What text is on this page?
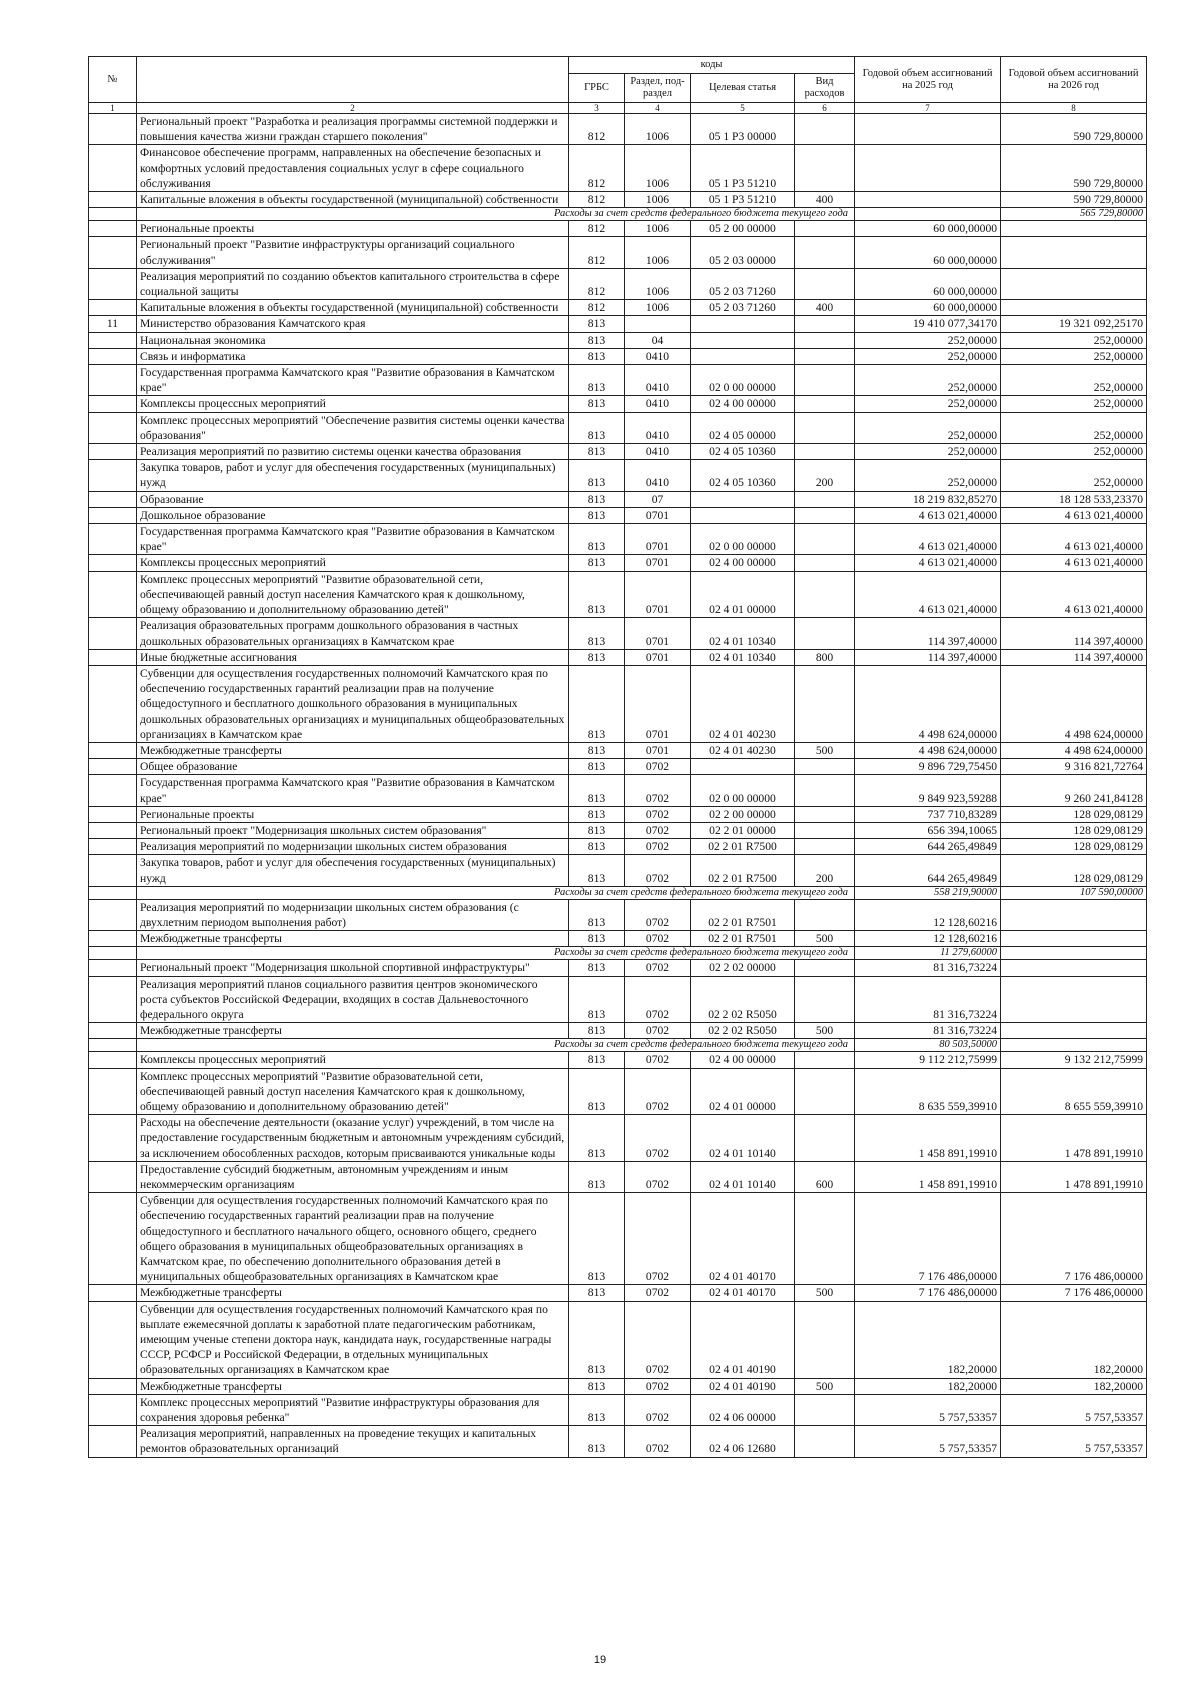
№		коды				Годовой объем ассигнований на 2025 год	Годовой объем ассигнований на 2026 год
		ГРБС	Раздел, под-раздел	Целевая статья	Вид расходов		
1	2	3	4	5	6	7	8
	Региональный проект "Разработка и реализация программы системной поддержки и повышения качества жизни граждан старшего поколения"	812	1006	05 1 P3 00000			590 729,80000
	Финансовое обеспечение программ, направленных на обеспечение безопасных и комфортных условий предоставления социальных услуг в сфере социального обслуживания	812	1006	05 1 P3 51210			590 729,80000
	Капитальные вложения в объекты государственной (муниципальной) собственности	812	1006	05 1 P3 51210	400		590 729,80000
	Расходы за счет средств федерального бюджета текущего года						565 729,80000
	Региональные проекты	812	1006	05 2 00 00000		60 000,00000	
	Региональный проект "Развитие инфраструктуры организаций социального обслуживания"	812	1006	05 2 03 00000		60 000,00000	
	Реализация мероприятий по созданию объектов капитального строительства в сфере социальной защиты	812	1006	05 2 03 71260		60 000,00000	
	Капитальные вложения в объекты государственной (муниципальной) собственности	812	1006	05 2 03 71260	400	60 000,00000	
11	Министерство образования Камчатского края	813				19 410 077,34170	19 321 092,25170
	Национальная экономика	813	04			252,00000	252,00000
	Связь и информатика	813	0410			252,00000	252,00000
	Государственная программа Камчатского края "Развитие образования в Камчатском крае"	813	0410	02 0 00 00000		252,00000	252,00000
	Комплексы процессных мероприятий	813	0410	02 4 00 00000		252,00000	252,00000
	Комплекс процессных мероприятий "Обеспечение развития системы оценки качества образования"	813	0410	02 4 05 00000		252,00000	252,00000
	Реализация мероприятий по развитию системы оценки качества образования	813	0410	02 4 05 10360		252,00000	252,00000
	Закупка товаров, работ и услуг для обеспечения государственных (муниципальных) нужд	813	0410	02 4 05 10360	200	252,00000	252,00000
	Образование	813	07			18 219 832,85270	18 128 533,23370
	Дошкольное образование	813	0701			4 613 021,40000	4 613 021,40000
	Государственная программа Камчатского края "Развитие образования в Камчатском крае"	813	0701	02 0 00 00000		4 613 021,40000	4 613 021,40000
	Комплексы процессных мероприятий	813	0701	02 4 00 00000		4 613 021,40000	4 613 021,40000
	Комплекс процессных мероприятий "Развитие образовательной сети, обеспечивающей равный доступ населения Камчатского края к дошкольному, общему образованию и дополнительному образованию детей"	813	0701	02 4 01 00000		4 613 021,40000	4 613 021,40000
	Реализация образовательных программ дошкольного образования в частных дошкольных образовательных организациях в Камчатском крае	813	0701	02 4 01 10340		114 397,40000	114 397,40000
	Иные бюджетные ассигнования	813	0701	02 4 01 10340	800	114 397,40000	114 397,40000
	Субвенции для осуществления государственных полномочий Камчатского края по обеспечению государственных гарантий реализации прав на получение общедоступного и бесплатного дошкольного образования в муниципальных дошкольных образовательных организациях и муниципальных общеобразовательных организациях в Камчатском крае	813	0701	02 4 01 40230		4 498 624,00000	4 498 624,00000
	Межбюджетные трансферты	813	0701	02 4 01 40230	500	4 498 624,00000	4 498 624,00000
	Общее образование	813	0702			9 896 729,75450	9 316 821,72764
	Государственная программа Камчатского края "Развитие образования в Камчатском крае"	813	0702	02 0 00 00000		9 849 923,59288	9 260 241,84128
	Региональные проекты	813	0702	02 2 00 00000		737 710,83289	128 029,08129
	Региональный проект "Модернизация школьных систем образования"	813	0702	02 2 01 00000		656 394,10065	128 029,08129
	Реализация мероприятий по модернизации школьных систем образования	813	0702	02 2 01 R7500		644 265,49849	128 029,08129
	Закупка товаров, работ и услуг для обеспечения государственных (муниципальных) нужд	813	0702	02 2 01 R7500	200	644 265,49849	128 029,08129
	Расходы за счет средств федерального бюджета текущего года					558 219,90000	107 590,00000
	Реализация мероприятий по модернизации школьных систем образования (с двухлетним периодом выполнения работ)	813	0702	02 2 01 R7501		12 128,60216	
	Межбюджетные трансферты	813	0702	02 2 01 R7501	500	12 128,60216	
	Расходы за счет средств федерального бюджета текущего года					11 279,60000	
	Региональный проект "Модернизация школьной спортивной инфраструктуры"	813	0702	02 2 02 00000		81 316,73224	
	Реализация мероприятий планов социального развития центров экономического роста субъектов Российской Федерации, входящих в состав Дальневосточного федерального округа	813	0702	02 2 02 R5050		81 316,73224	
	Межбюджетные трансферты	813	0702	02 2 02 R5050	500	81 316,73224	
	Расходы за счет средств федерального бюджета текущего года					80 503,50000	
	Комплексы процессных мероприятий	813	0702	02 4 00 00000		9 112 212,75999	9 132 212,75999
	Комплекс процессных мероприятий "Развитие образовательной сети, обеспечивающей равный доступ населения Камчатского края к дошкольному, общему образованию и дополнительному образованию детей"	813	0702	02 4 01 00000		8 635 559,39910	8 655 559,39910
	Расходы на обеспечение деятельности (оказание услуг) учреждений, в том числе на предоставление государственным бюджетным и автономным учреждениям субсидий, за исключением обособленных расходов, которым присваиваются уникальные коды	813	0702	02 4 01 10140		1 458 891,19910	1 478 891,19910
	Предоставление субсидий бюджетным, автономным учреждениям и иным некоммерческим организациям	813	0702	02 4 01 10140	600	1 458 891,19910	1 478 891,19910
	Субвенции для осуществления государственных полномочий Камчатского края по обеспечению государственных гарантий реализации прав на получение общедоступного и бесплатного начального общего, основного общего, среднего общего образования в муниципальных общеобразовательных организациях в Камчатском крае, по обеспечению дополнительного образования детей в муниципальных общеобразовательных организациях в Камчатском крае	813	0702	02 4 01 40170		7 176 486,00000	7 176 486,00000
	Межбюджетные трансферты	813	0702	02 4 01 40170	500	7 176 486,00000	7 176 486,00000
	Субвенции для осуществления государственных полномочий Камчатского края по выплате ежемесячной доплаты к заработной плате педагогическим работникам, имеющим ученые степени доктора наук, кандидата наук, государственные награды СССР, РСФСР и Российской Федерации, в отдельных муниципальных образовательных организациях в Камчатском крае	813	0702	02 4 01 40190		182,20000	182,20000
	Межбюджетные трансферты	813	0702	02 4 01 40190	500	182,20000	182,20000
	Комплекс процессных мероприятий "Развитие инфраструктуры образования для сохранения здоровья ребенка"	813	0702	02 4 06 00000		5 757,53357	5 757,53357
	Реализация мероприятий, направленных на проведение текущих и капитальных ремонтов образовательных организаций	813	0702	02 4 06 12680		5 757,53357	5 757,53357
19
